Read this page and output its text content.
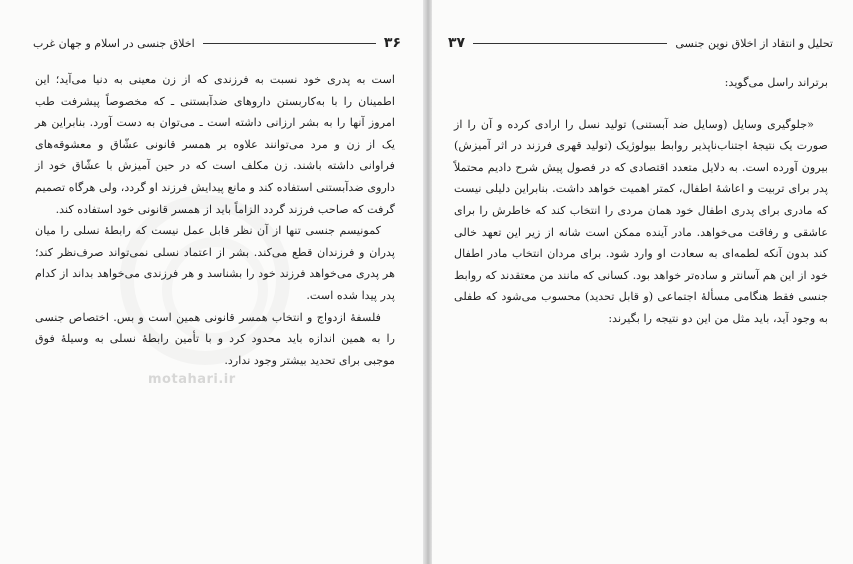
۳۶
اخلاق جنسی در اسلام و جهان غرب
motahari.ir

است به پدری خود نسبت به فرزندی که از زن معینی به دنیا می‌آید؛ این اطمینان را با به‌کاربستن داروهای ضدآبستنی ـ که مخصوصاً پیشرفت طب امروز آنها را به بشر ارزانی داشته است ـ می‌توان به دست آورد. بنابراین هر یک از زن و مرد می‌توانند علاوه بر همسر قانونی عشّاق و معشوقه‌های فراوانی داشته باشند. زن مکلف است که در حین آمیزش با عشّاق خود از داروی ضدآبستنی استفاده کند و مانع پیدایش فرزند او گردد، ولی هرگاه تصمیم گرفت که صاحب فرزند گردد الزاماً باید از همسر قانونی خود استفاده کند.

کمونیسم جنسی تنها از آن نظر قابل عمل نیست که رابطهٔ نسلی را میان پدران و فرزندان قطع می‌کند. بشر از اعتماد نسلی نمی‌تواند صرف‌نظر کند؛ هر پدری می‌خواهد فرزند خود را بشناسد و هر فرزندی می‌خواهد بداند از کدام پدر پیدا شده است.

فلسفهٔ ازدواج و انتخاب همسر قانونی همین است و بس. اختصاص جنسی را به همین اندازه باید محدود کرد و با تأمین رابطهٔ نسلی به وسیلهٔ فوق موجبی برای تحدید بیشتر وجود ندارد.

تحلیل و انتقاد از اخلاق نوین جنسی
۳۷

برتراند راسل می‌گوید:

«جلوگیری وسایل (وسایل ضد آبستنی) تولید نسل را ارادی کرده و آن را از صورت یک نتیجهٔ اجتناب‌ناپذیر روابط بیولوژیک (تولید قهری فرزند در اثر آمیزش) بیرون آورده است. به دلایل متعدد اقتصادی که در فصول پیش شرح دادیم محتملاً پدر برای تربیت و اعاشهٔ اطفال، کمتر اهمیت خواهد داشت. بنابراین دلیلی نیست که مادری برای پدری اطفال خود همان مردی را انتخاب کند که خاطرش را برای عاشقی و رفاقت می‌خواهد. مادر آینده ممکن است شانه از زیر این تعهد خالی کند بدون آنکه لطمه‌ای به سعادت او وارد شود. برای مردان انتخاب مادر اطفال خود از این هم آسانتر و ساده‌تر خواهد بود. کسانی که مانند من معتقدند که روابط جنسی فقط هنگامی مسألهٔ اجتماعی (و قابل تحدید) محسوب می‌شود که طفلی به وجود آید، باید مثل من این دو نتیجه را بگیرند:
